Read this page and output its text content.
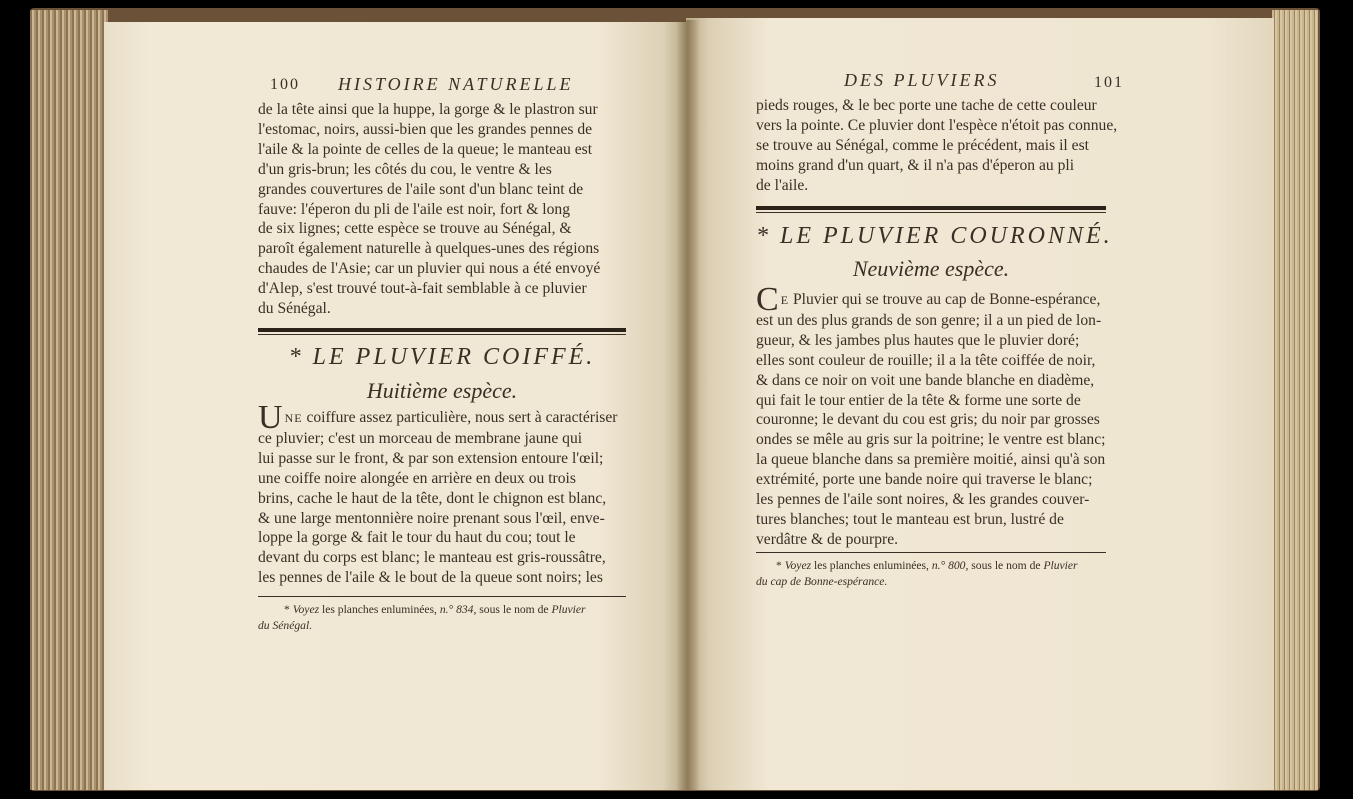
100 HISTOIRE NATURELLE
de la tête ainsi que la huppe, la gorge & le plastron sur
l'estomac, noirs, aussi-bien que les grandes pennes de
l'aile & la pointe de celles de la queue; le manteau est
d'un gris-brun; les côtés du cou, le ventre & les
grandes couvertures de l'aile sont d'un blanc teint de
fauve: l'éperon du pli de l'aile est noir, fort & long
de six lignes; cette espèce se trouve au Sénégal, &
paroît également naturelle à quelques-unes des régions
chaudes de l'Asie; car un pluvier qui nous a été envoyé
d'Alep, s'est trouvé tout-à-fait semblable à ce pluvier
du Sénégal.
* LE PLUVIER COIFFÉ.
Huitième espèce.
UNE coiffure assez particulière, nous sert à caractériser
ce pluvier; c'est un morceau de membrane jaune qui
lui passe sur le front, & par son extension entoure l'œil;
une coiffe noire alongée en arrière en deux ou trois
brins, cache le haut de la tête, dont le chignon est blanc,
& une large mentonnière noire prenant sous l'œil, enve-
loppe la gorge & fait le tour du haut du cou; tout le
devant du corps est blanc; le manteau est gris-roussâtre,
les pennes de l'aile & le bout de la queue sont noirs; les
* Voyez les planches enluminées, n.° 834, sous le nom de Pluvier
du Sénégal.
DES PLUVIERS	101
pieds rouges, & le bec porte une tache de cette couleur
vers la pointe. Ce pluvier dont l'espèce n'étoit pas connue,
se trouve au Sénégal, comme le précédent, mais il est
moins grand d'un quart, & il n'a pas d'éperon au pli
de l'aile.
* LE PLUVIER COURONNÉ.
Neuvième espèce.
C E Pluvier qui se trouve au cap de Bonne-espérance,
est un des plus grands de son genre; il a un pied de lon-
gueur, & les jambes plus hautes que le pluvier doré;
elles sont couleur de rouille; il a la tête coiffée de noir,
& dans ce noir on voit une bande blanche en diadème,
qui fait le tour entier de la tête & forme une sorte de
couronne; le devant du cou est gris; du noir par grosses
ondes se mêle au gris sur la poitrine; le ventre est blanc;
la queue blanche dans sa première moitié, ainsi qu'à son
extrémité, porte une bande noire qui traverse le blanc;
les pennes de l'aile sont noires, & les grandes couver-
tures blanches; tout le manteau est brun, lustré de
verdâtre & de pourpre.
* Voyez les planches enluminées, n.° 800, sous le nom de Pluvier
du cap de Bonne-espérance.
